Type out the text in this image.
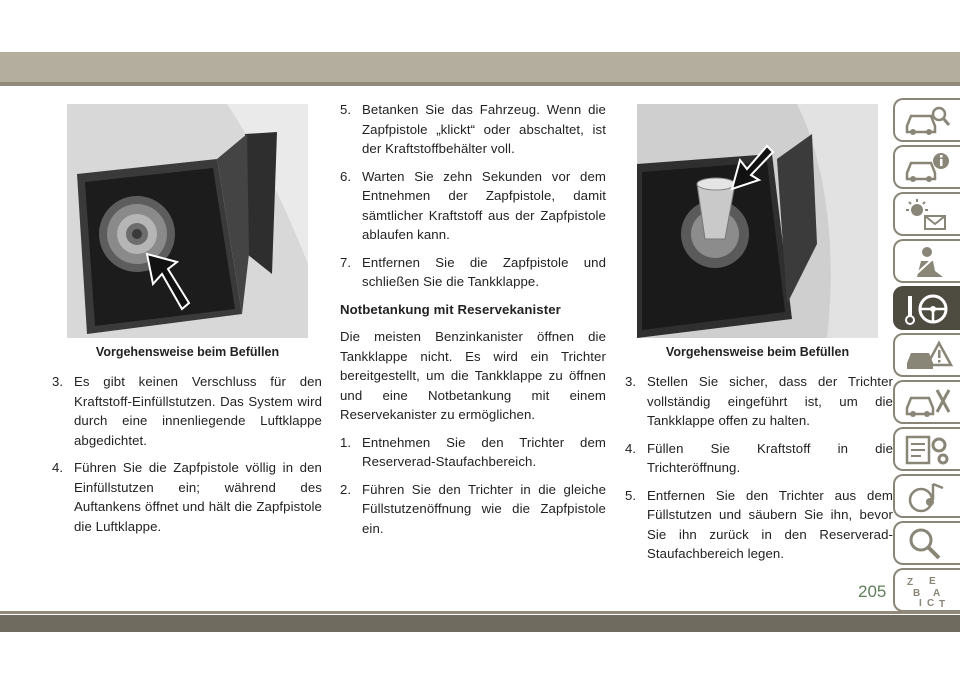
Vorgehensweise beim Befüllen	Vorgehensweise beim Befüllen
3. Es gibt keinen Verschluss für den Kraftstoff-Einfüllstutzen. Das System wird durch eine innenliegende Luftklappe abgedichtet.
4. Führen Sie die Zapfpistole völlig in den Einfüllstutzen ein; während des Auftankens öffnet und hält die Zapfpistole die Luftklappe.
5. Betanken Sie das Fahrzeug. Wenn die Zapfpistole „klickt“ oder abschaltet, ist der Kraftstoffbehälter voll.
6. Warten Sie zehn Sekunden vor dem Entnehmen der Zapfpistole, damit sämtlicher Kraftstoff aus der Zapfpistole ablaufen kann.
7. Entfernen Sie die Zapfpistole und schließen Sie die Tankklappe.
Notbetankung mit Reservekanister

Die meisten Benzinkanister öffnen die Tankklappe nicht. Es wird ein Trichter bereitgestellt, um die Tankklappe zu öffnen und eine Notbetankung mit einem Reservekanister zu ermöglichen.

1. Entnehmen Sie den Trichter dem Reserverad-Staufachbereich.
2. Führen Sie den Trichter in die gleiche Füllstutzenöffnung wie die Zapfpistole ein.
3. Stellen Sie sicher, dass der Trichter vollständig eingeführt ist, um die Tankklappe offen zu halten.
4. Füllen Sie Kraftstoff in die Trichteröffnung.
5. Entfernen Sie den Trichter aus dem Füllstutzen und säubern Sie ihn, bevor Sie ihn zurück in den Reserverad-Staufachbereich legen.
Z E
B A
I C T
205
